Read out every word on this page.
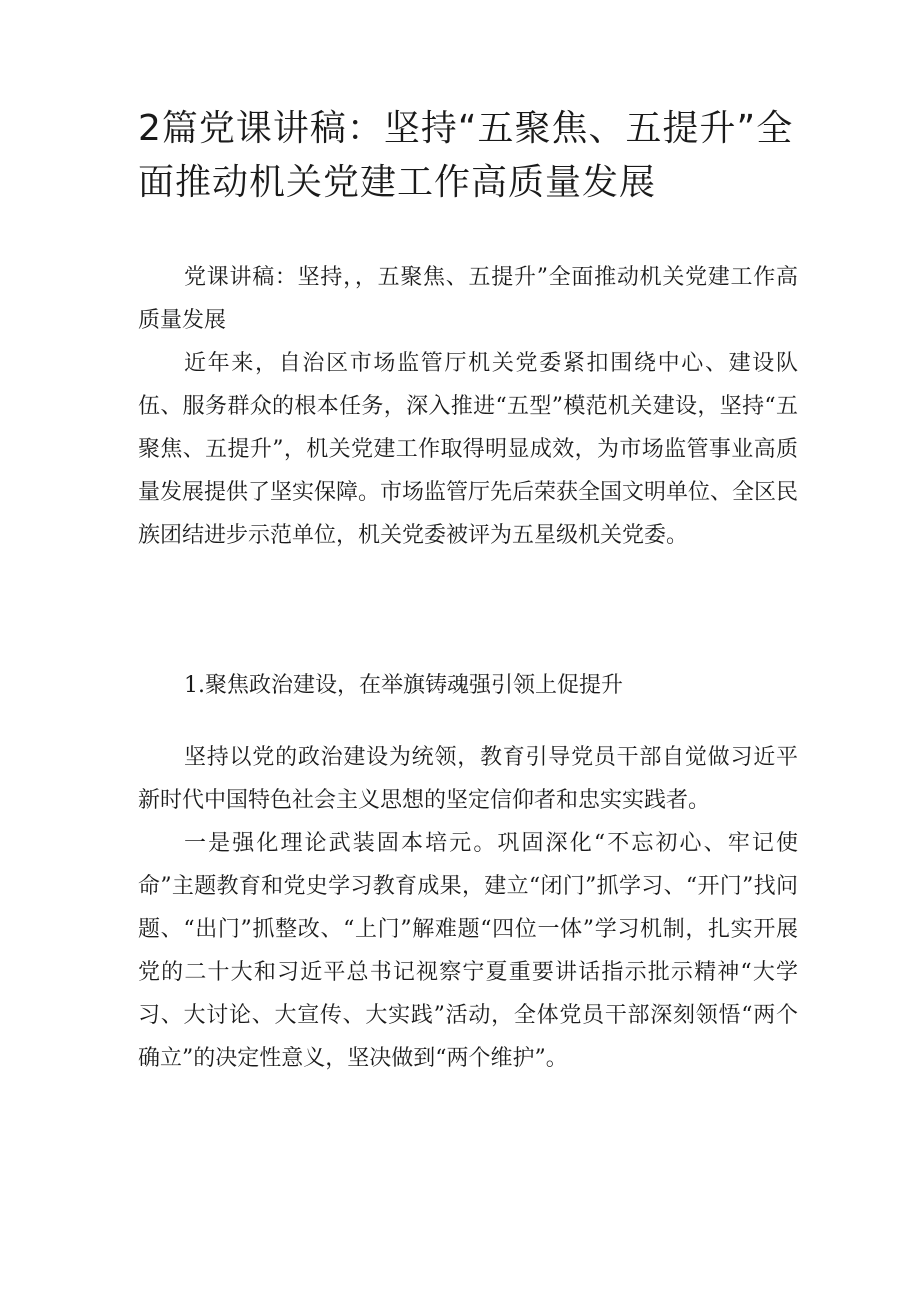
2篇党课讲稿：坚持“五聚焦、五提升”全面推动机关党建工作高质量发展

党课讲稿：坚持，，五聚焦、五提升”全面推动机关党建工作高质量发展

近年来，自治区市场监管厅机关党委紧扣围绕中心、建设队伍、服务群众的根本任务，深入推进“五型”模范机关建设，坚持“五聚焦、五提升”，机关党建工作取得明显成效，为市场监管事业高质量发展提供了坚实保障。市场监管厅先后荣获全国文明单位、全区民族团结进步示范单位，机关党委被评为五星级机关党委。

1.聚焦政治建设，在举旗铸魂强引领上促提升

坚持以党的政治建设为统领，教育引导党员干部自觉做习近平新时代中国特色社会主义思想的坚定信仰者和忠实实践者。

一是强化理论武装固本培元。巩固深化“不忘初心、牢记使命”主题教育和党史学习教育成果，建立“闭门”抓学习、“开门”找问题、“出门”抓整改、“上门”解难题“四位一体”学习机制，扎实开展党的二十大和习近平总书记视察宁夏重要讲话指示批示精神“大学习、大讨论、大宣传、大实践”活动，全体党员干部深刻领悟“两个确立”的决定性意义，坚决做到“两个维护”。
